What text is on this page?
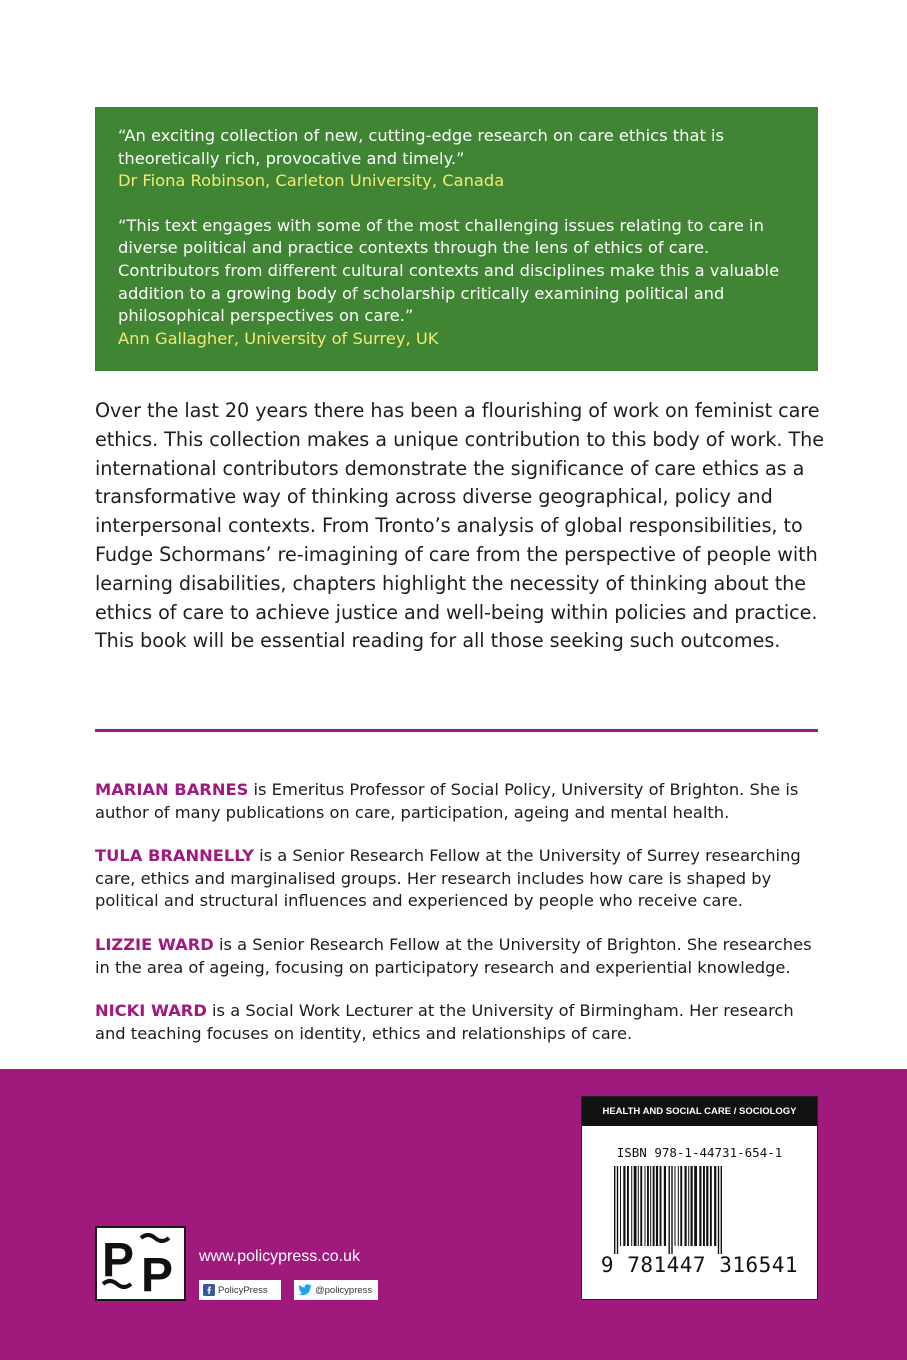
“An exciting collection of new, cutting-edge research on care ethics that is theoretically rich, provocative and timely.”

Dr Fiona Robinson, Carleton University, Canada

“This text engages with some of the most challenging issues relating to care in diverse political and practice contexts through the lens of ethics of care. Contributors from different cultural contexts and disciplines make this a valuable addition to a growing body of scholarship critically examining political and philosophical perspectives on care.”

Ann Gallagher, University of Surrey, UK

Over the last 20 years there has been a flourishing of work on feminist care ethics. This collection makes a unique contribution to this body of work. The international contributors demonstrate the significance of care ethics as a transformative way of thinking across diverse geographical, policy and interpersonal contexts. From Tronto’s analysis of global responsibilities, to Fudge Schormans’ re-imagining of care from the perspective of people with learning disabilities, chapters highlight the necessity of thinking about the ethics of care to achieve justice and well-being within policies and practice. This book will be essential reading for all those seeking such outcomes.

MARIAN BARNES is Emeritus Professor of Social Policy, University of Brighton. She is author of many publications on care, participation, ageing and mental health.

TULA BRANNELLY is a Senior Research Fellow at the University of Surrey researching care, ethics and marginalised groups. Her research includes how care is shaped by political and structural influences and experienced by people who receive care.

LIZZIE WARD is a Senior Research Fellow at the University of Brighton. She researches in the area of ageing, focusing on participatory research and experiential knowledge.

NICKI WARD is a Social Work Lecturer at the University of Birmingham. Her research and teaching focuses on identity, ethics and relationships of care.

P P www.policypress.co.uk
PolicyPress	@policypress
HEALTH AND SOCIAL CARE / SOCIOLOGY
ISBN 978-1-44731-654-1
9 781447 316541
